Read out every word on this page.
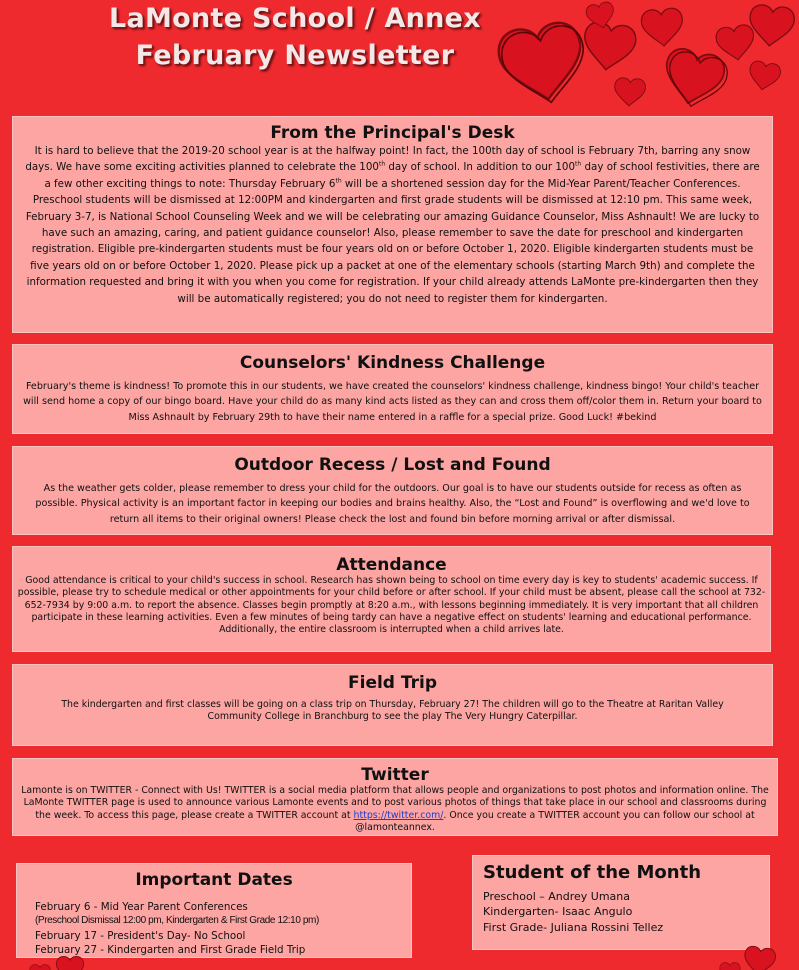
LaMonte School / Annex
February Newsletter
From the Principal's Desk

It is hard to believe that the 2019-20 school year is at the halfway point! In fact, the 100th day of school is February 7th, barring any snow days. We have some exciting activities planned to celebrate the 100th day of school. In addition to our 100th day of school festivities, there are a few other exciting things to note: Thursday February 6th will be a shortened session day for the Mid-Year Parent/Teacher Conferences. Preschool students will be dismissed at 12:00PM and kindergarten and first grade students will be dismissed at 12:10 pm. This same week, February 3-7, is National School Counseling Week and we will be celebrating our amazing Guidance Counselor, Miss Ashnault! We are lucky to have such an amazing, caring, and patient guidance counselor! Also, please remember to save the date for preschool and kindergarten registration. Eligible pre-kindergarten students must be four years old on or before October 1, 2020. Eligible kindergarten students must be five years old on or before October 1, 2020. Please pick up a packet at one of the elementary schools (starting March 9th) and complete the information requested and bring it with you when you come for registration. If your child already attends LaMonte pre-kindergarten then they will be automatically registered; you do not need to register them for kindergarten.

Counselors' Kindness Challenge

February's theme is kindness! To promote this in our students, we have created the counselors' kindness challenge, kindness bingo! Your child's teacher will send home a copy of our bingo board. Have your child do as many kind acts listed as they can and cross them off/color them in. Return your board to Miss Ashnault by February 29th to have their name entered in a raffle for a special prize. Good Luck! #bekind

Outdoor Recess / Lost and Found

As the weather gets colder, please remember to dress your child for the outdoors. Our goal is to have our students outside for recess as often as possible. Physical activity is an important factor in keeping our bodies and brains healthy. Also, the “Lost and Found” is overflowing and we'd love to return all items to their original owners! Please check the lost and found bin before morning arrival or after dismissal.

Attendance

Good attendance is critical to your child's success in school. Research has shown being to school on time every day is key to students' academic success. If possible, please try to schedule medical or other appointments for your child before or after school. If your child must be absent, please call the school at 732-652-7934 by 9:00 a.m. to report the absence. Classes begin promptly at 8:20 a.m., with lessons beginning immediately. It is very important that all children participate in these learning activities. Even a few minutes of being tardy can have a negative effect on students' learning and educational performance. Additionally, the entire classroom is interrupted when a child arrives late.

Field Trip

The kindergarten and first classes will be going on a class trip on Thursday, February 27! The children will go to the Theatre at Raritan Valley Community College in Branchburg to see the play The Very Hungry Caterpillar.

Twitter

Lamonte is on TWITTER - Connect with Us! TWITTER is a social media platform that allows people and organizations to post photos and information online. The LaMonte TWITTER page is used to announce various Lamonte events and to post various photos of things that take place in our school and classrooms during the week. To access this page, please create a TWITTER account at https://twitter.com/. Once you create a TWITTER account you can follow our school at @lamonteannex.

Important Dates
February 6 - Mid Year Parent Conferences
(Preschool Dismissal 12:00 pm, Kindergarten & First Grade 12:10 pm)
February 17 - President's Day- No School
February 27 - Kindergarten and First Grade Field Trip
Student of the Month
Preschool – Andrey Umana
Kindergarten- Isaac Angulo
First Grade- Juliana Rossini Tellez
